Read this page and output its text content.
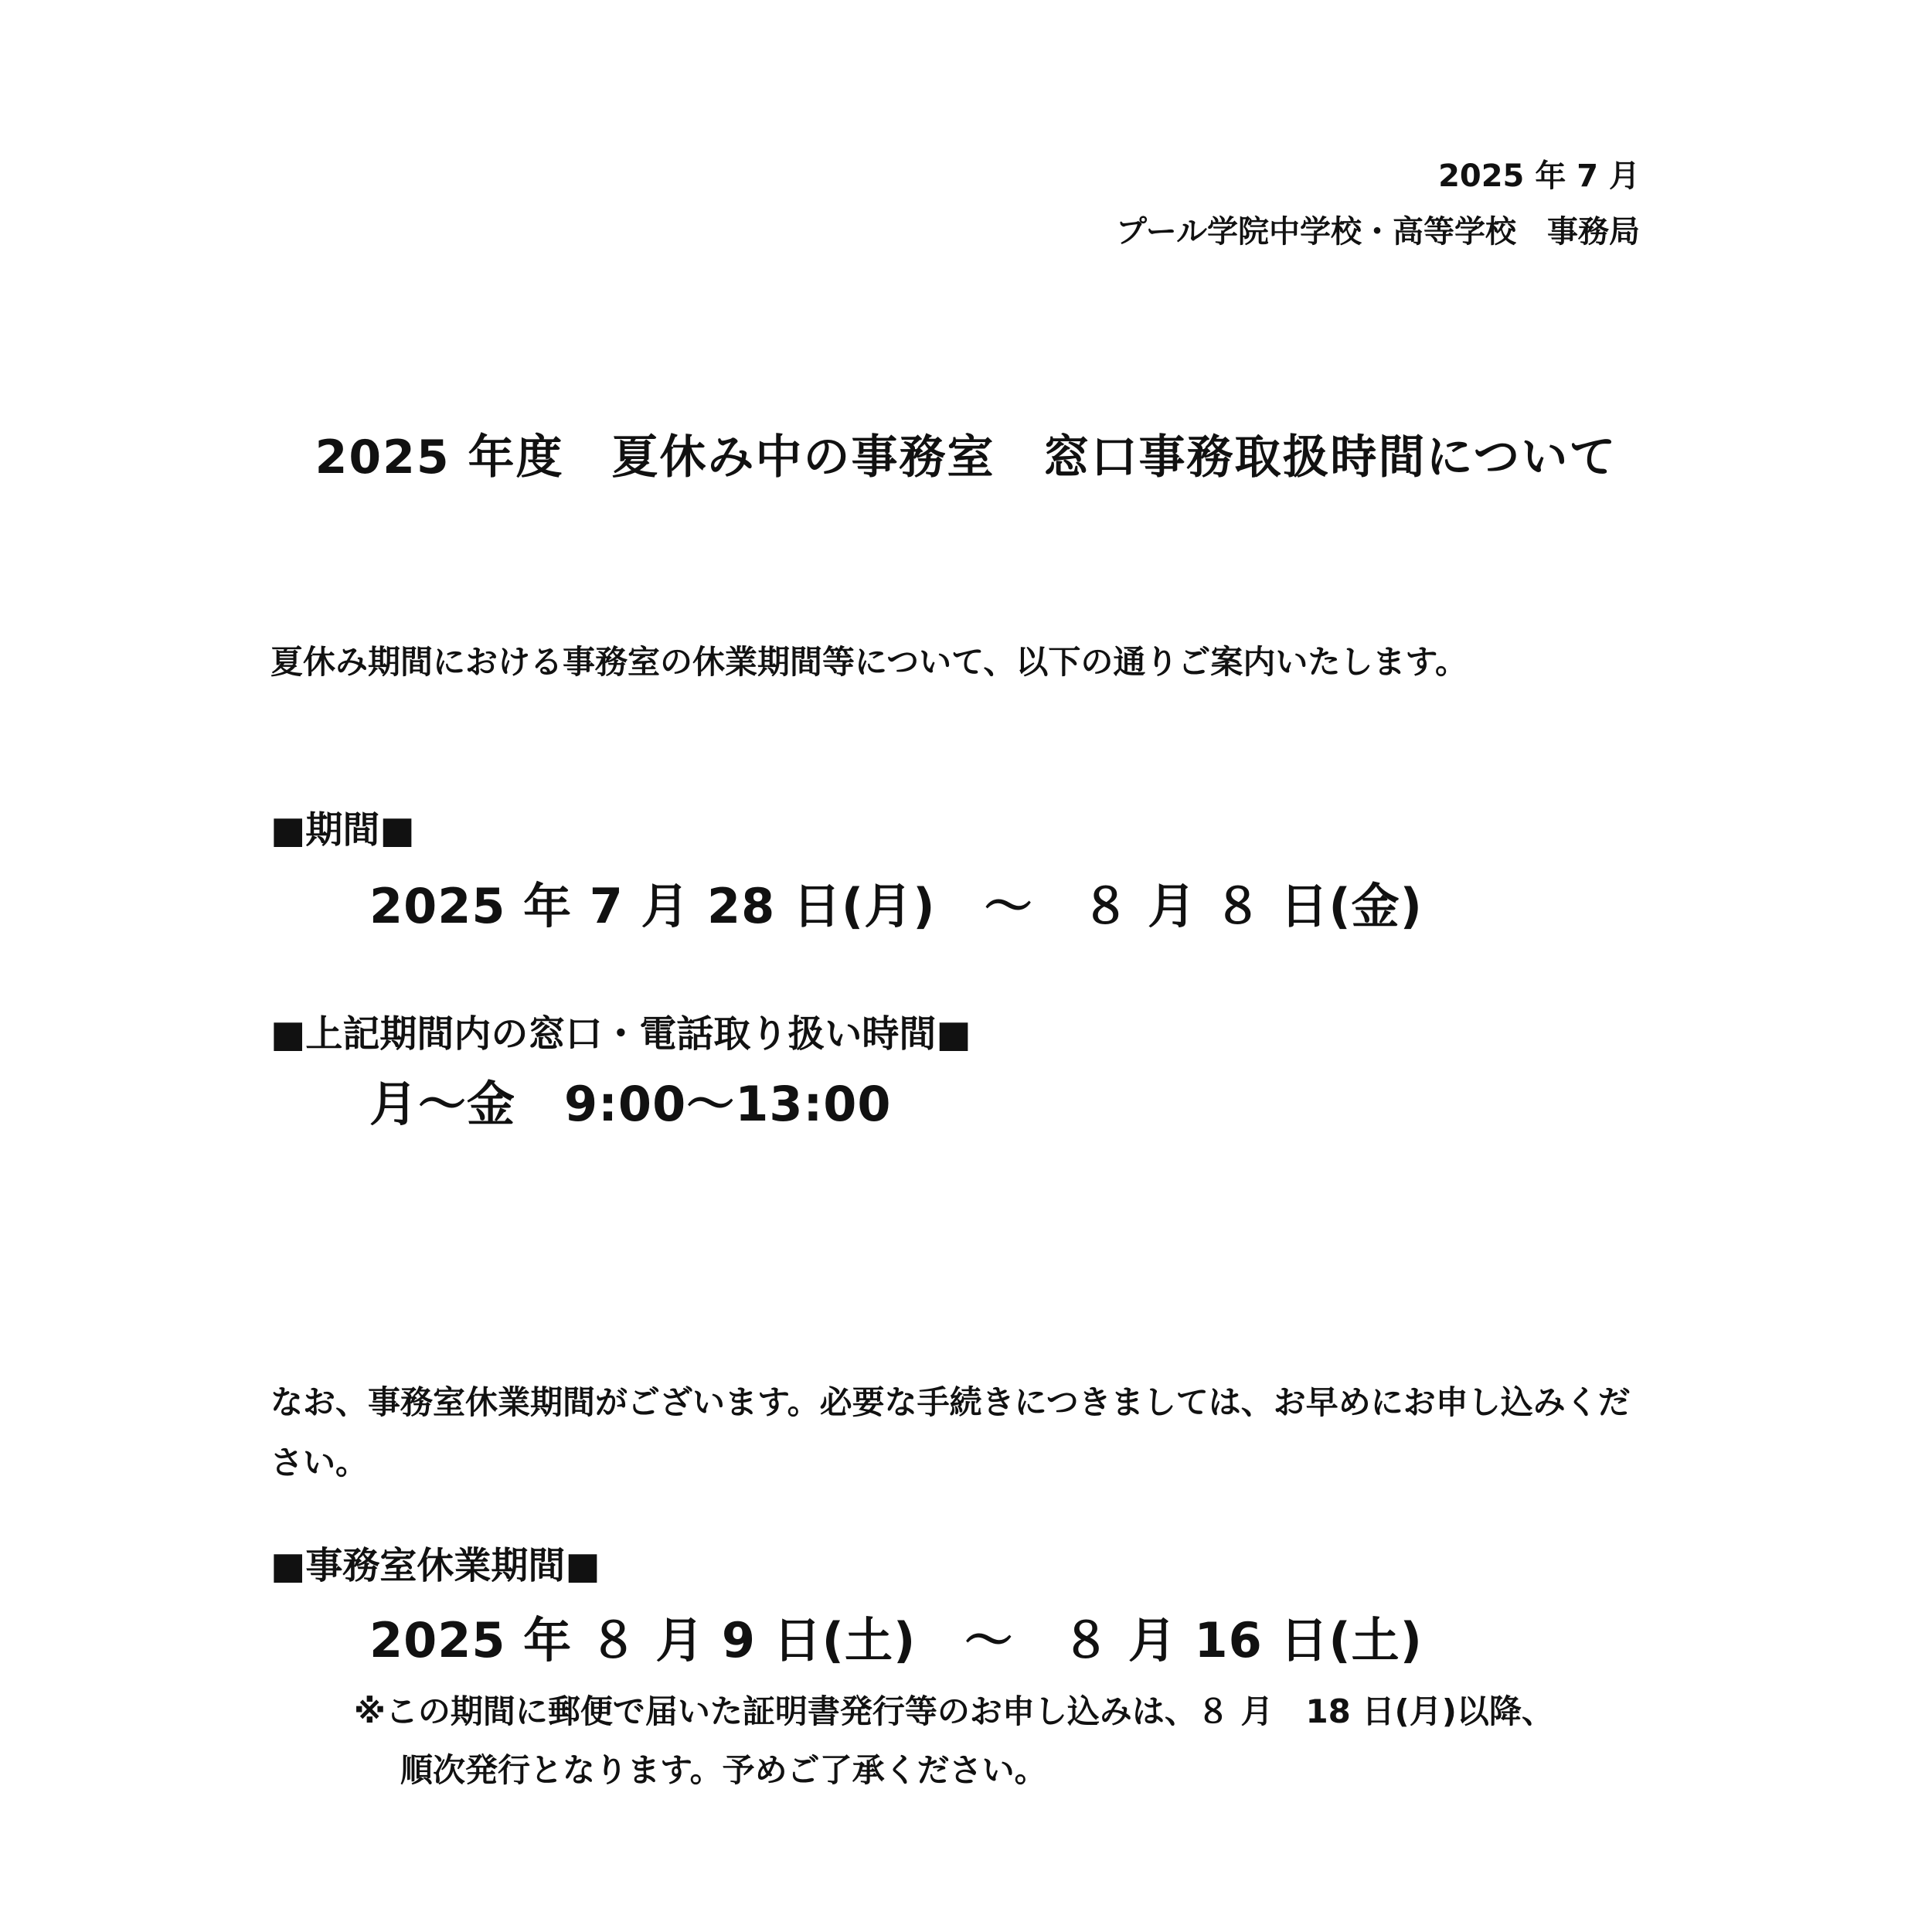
2025 年 7 月
プール学院中学校・高等学校　事務局
2025 年度　夏休み中の事務室　窓口事務取扱時間について
夏休み期間における事務室の休業期間等について、以下の通りご案内いたします。
■期間■
2025 年 7 月 28 日(月)　～　８ 月 ８ 日(金)
■上記期間内の窓口・電話取り扱い時間■
月～金　9:00～13:00
なお、事務室休業期間がございます。必要な手続きにつきましては、お早めにお申し込みください。
■事務室休業期間■
2025 年 ８ 月 9 日(土)　～　８ 月 16 日(土)
※この期間に郵便で届いた証明書発行等のお申し込みは、８ 月　18 日(月)以降、
順次発行となります。予めご了承ください。
